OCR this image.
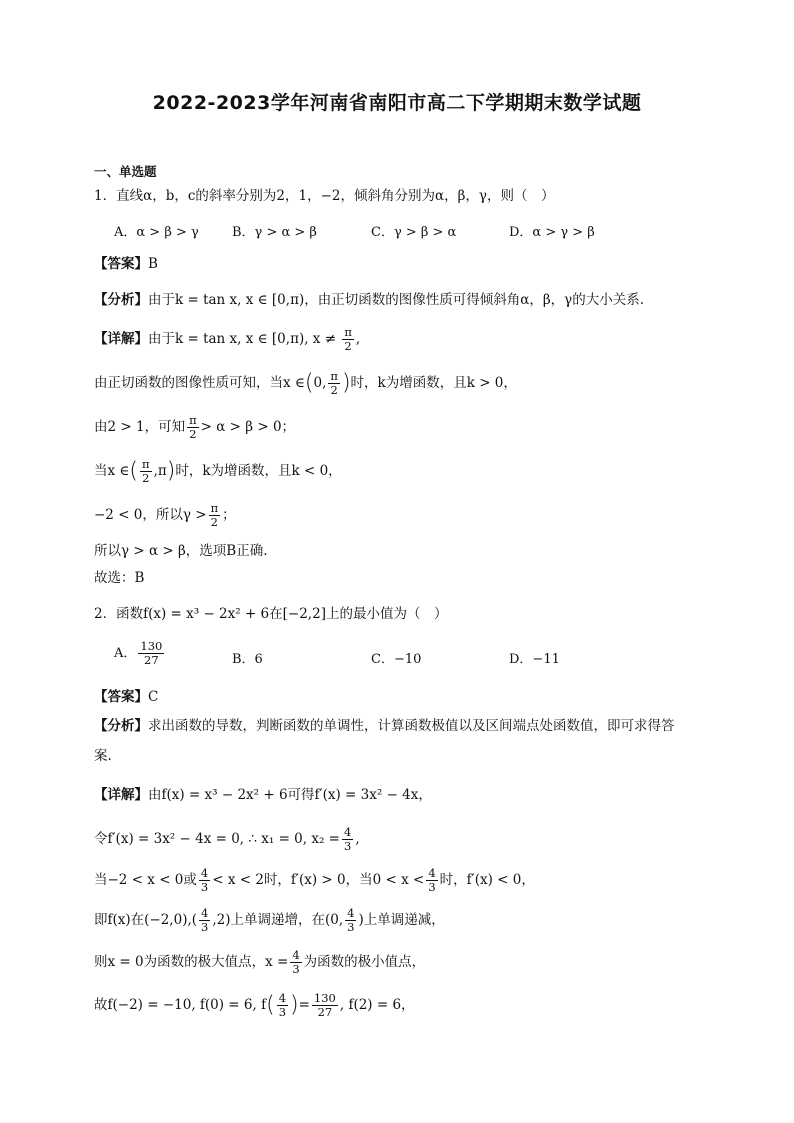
2022-2023学年河南省南阳市高二下学期期末数学试题
一、单选题
1．直线α，b，c的斜率分别为2，1，−2，倾斜角分别为α，β，γ，则（　）
A．α > β > γ	B．γ > α > β	C．γ > β > α	D．α > γ > β
【答案】B
【分析】由于k = tan x, x ∈ [0,π)，由正切函数的图像性质可得倾斜角α，β，γ的大小关系.
【详解】由于k = tan x, x ∈ [0,π), $x \ne \frac{\pi}{2}$ ,
由正切函数的图像性质可知，当x ∈(0, $\frac{\pi}{2}$ )时，k为增函数，且k > 0，
由2 > 1，可知 $\frac{\pi}{2} > \alpha > \beta > 0$；
当x ∈( $\frac{\pi}{2} ,\pi$)时，k为增函数，且k < 0，
−2 < 0，所以$\gamma > \frac{\pi}{2}$ ；
所以γ > α > β，选项B正确.
故选：B
2．函数f(x) = x³ − 2x² + 6在[−2,2]上的最小值为（　）
A． $\frac{130}{27}$	B．6	C．−10	D．−11
【答案】C
【分析】求出函数的导数，判断函数的单调性，计算函数极值以及区间端点处函数值，即可求得答
案.
【详解】由f(x) = x³ − 2x² + 6可得f′(x) = 3x² − 4x，
令f′(x) = 3x² − 4x = 0, ∴ x₁ = 0, $x_2 = \frac{4}{3}$ ,
当−2 < x < 0或 $\frac{4}{3} < x < 2$时，f′(x) > 0，当$0 < x < \frac{4}{3}$ 时，f′(x) < 0，
即f(x)在$(-2,0),( \frac{4}{3} ,2)$上单调递增，在(0, $\frac{4}{3}$ )上单调递减，
则x = 0为函数的极大值点，$x = \frac{4}{3}$ 为函数的极小值点，
故f(−2) = −10, f(0) = 6, $f( \frac{4}{3}$ )= $\frac{130}{27}$ , f(2) = 6，
